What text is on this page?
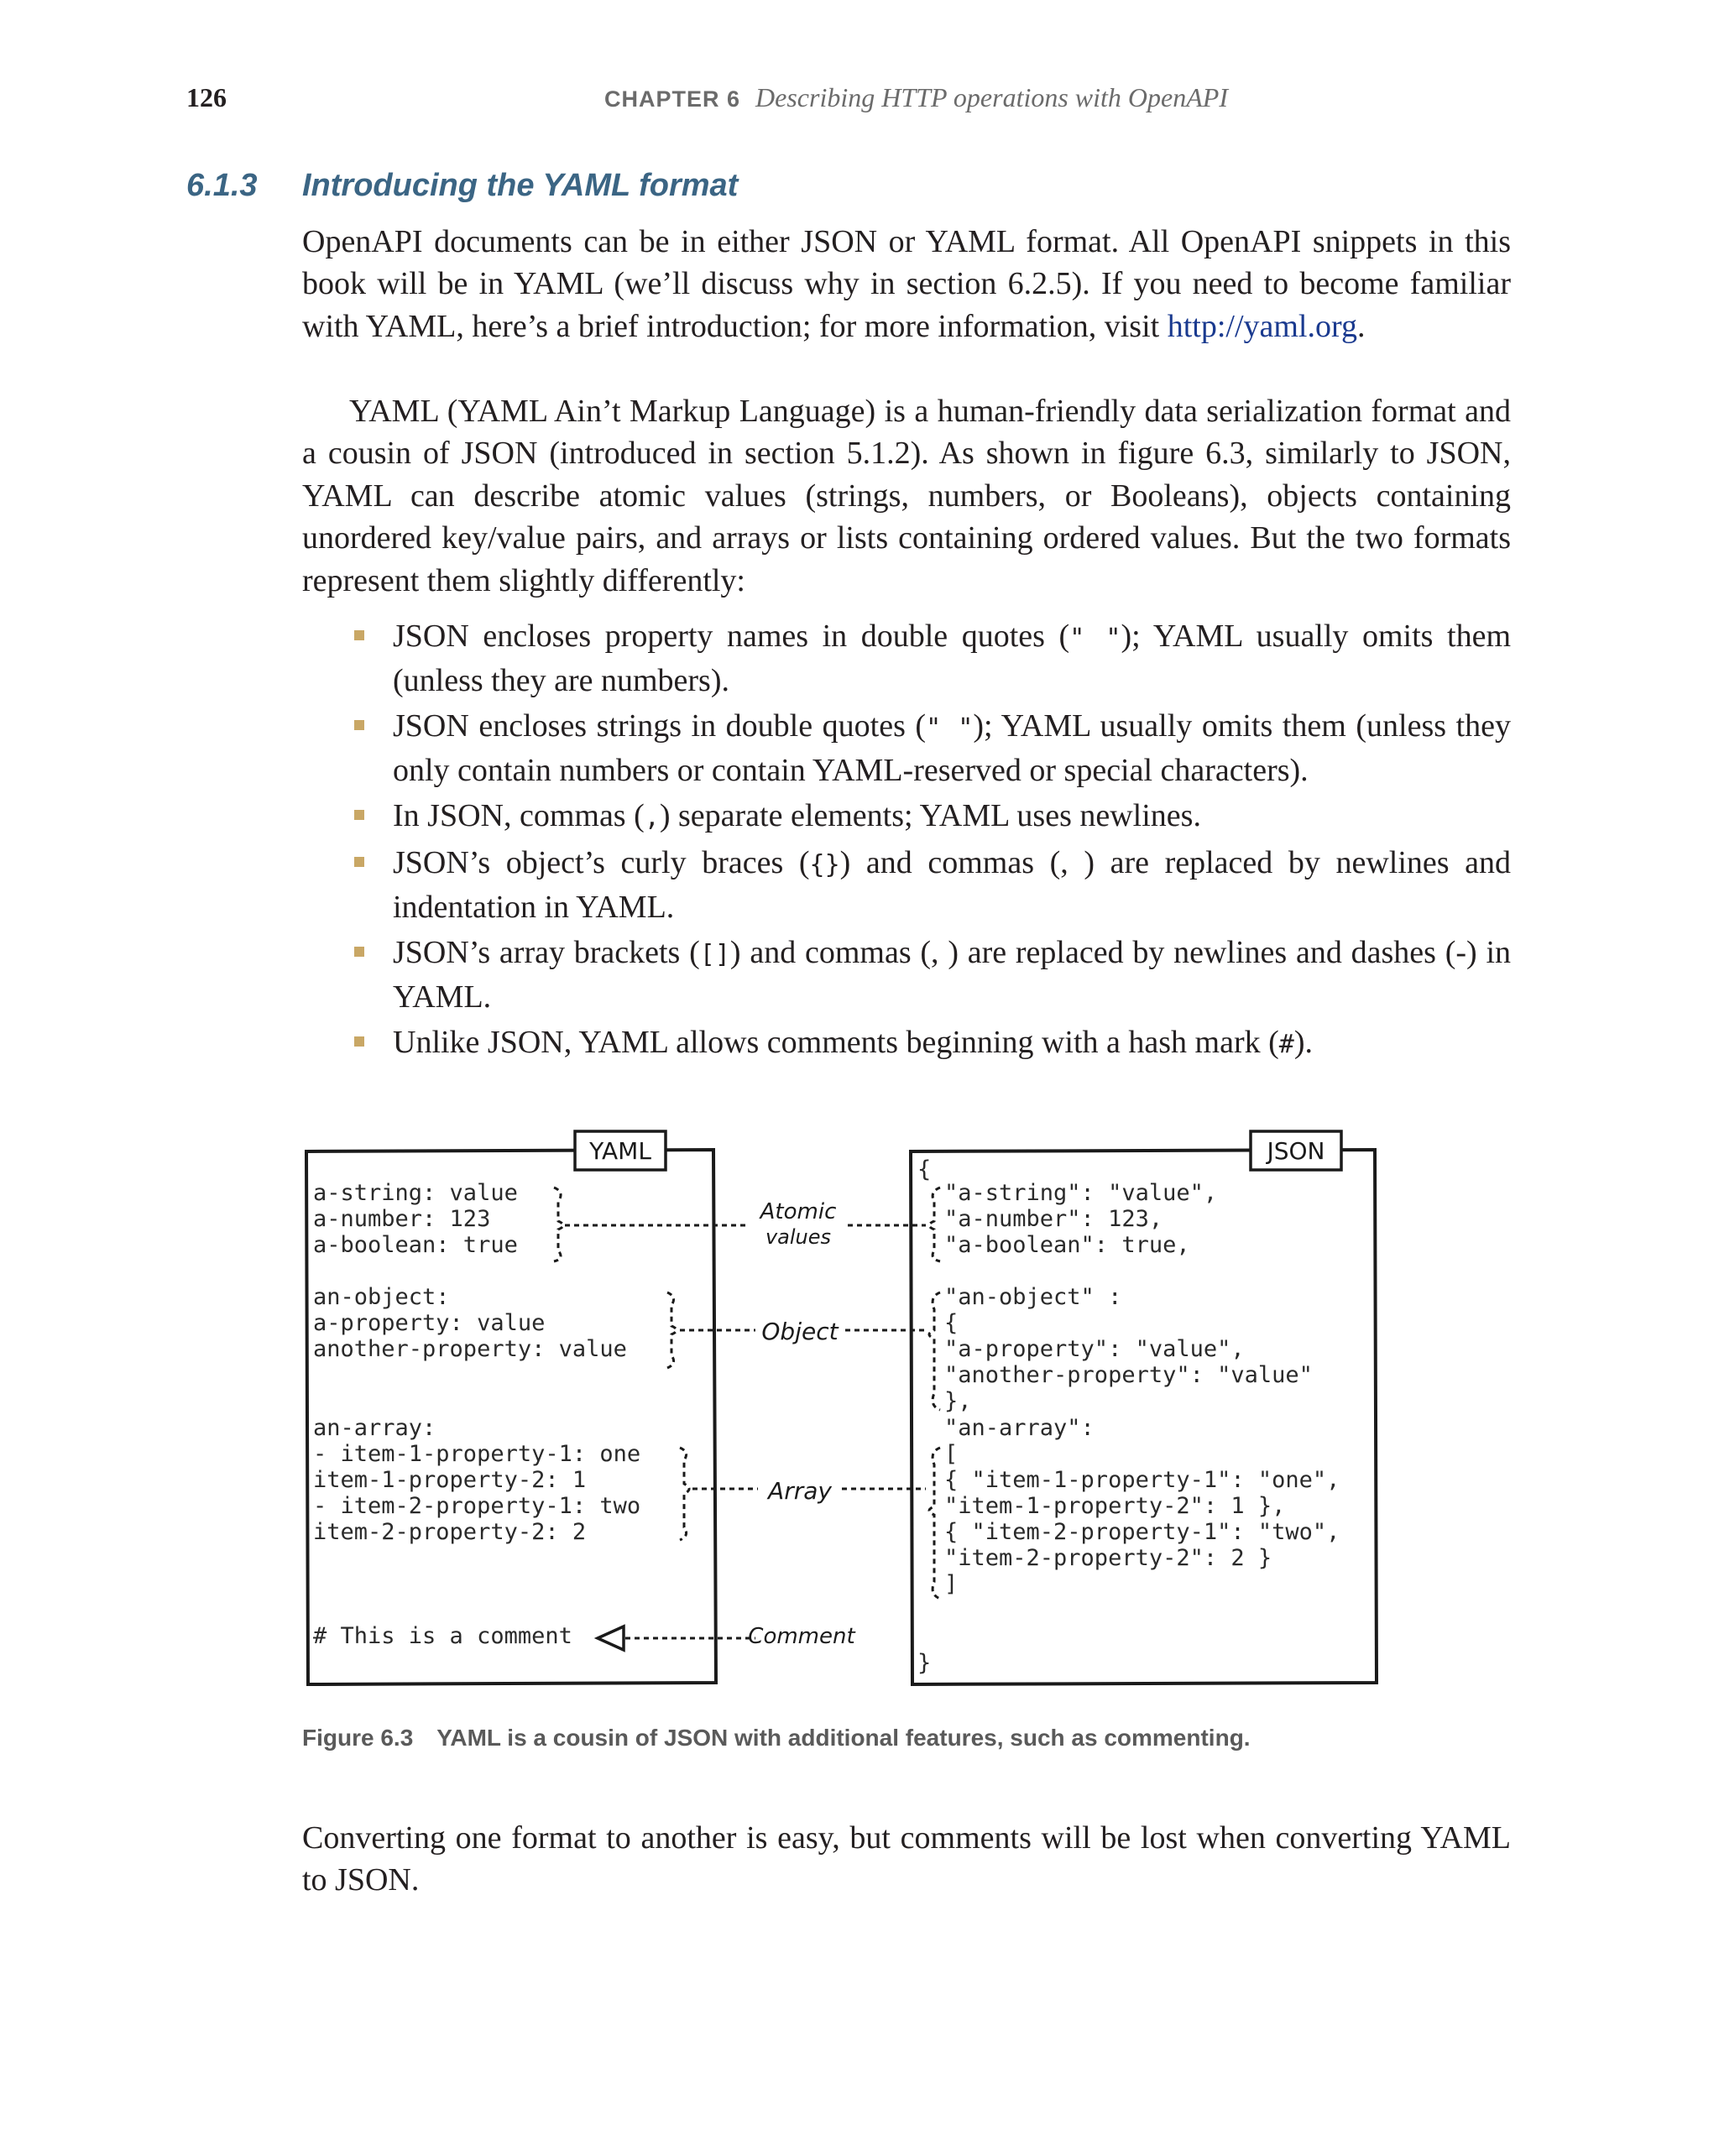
126	CHAPTER 6 Describing HTTP operations with OpenAPI
6.1.3 Introducing the YAML format
OpenAPI documents can be in either JSON or YAML format. All OpenAPI snippets in this book will be in YAML (we’ll discuss why in section 6.2.5). If you need to become familiar with YAML, here’s a brief introduction; for more information, visit http://yaml.org.
YAML (YAML Ain’t Markup Language) is a human-friendly data serialization format and a cousin of JSON (introduced in section 5.1.2). As shown in figure 6.3, similarly to JSON, YAML can describe atomic values (strings, numbers, or Booleans), objects containing unordered key/value pairs, and arrays or lists containing ordered values. But the two formats represent them slightly differently:
JSON encloses property names in double quotes (" "); YAML usually omits them (unless they are numbers).
JSON encloses strings in double quotes (" "); YAML usually omits them (unless they only contain numbers or contain YAML-reserved or special characters).
In JSON, commas (,) separate elements; YAML uses newlines.
JSON’s object’s curly braces ({}) and commas (, ) are replaced by newlines and indentation in YAML.
JSON’s array brackets ([]) and commas (, ) are replaced by newlines and dashes (-) in YAML.
Unlike JSON, YAML allows comments beginning with a hash mark (#).
YAML	JSON
a-string: value
a-number: 123
a-boolean: true
an-object:
a-property: value
another-property: value
an-array:
- item-1-property-1: one
item-1-property-2: 1
- item-2-property-1: two
item-2-property-2: 2
# This is a comment
{
"a-string": "value",
"a-number": 123,
"a-boolean": true,
"an-object" :
{
"a-property": "value",
"another-property": "value"
},
"an-array":
[
{ "item-1-property-1": "one",
"item-1-property-2": 1 },
{ "item-2-property-1": "two",
"item-2-property-2": 2 }
]
}
Atomic
values
Object
Array
Comment
Figure 6.3 YAML is a cousin of JSON with additional features, such as commenting.
Converting one format to another is easy, but comments will be lost when converting YAML to JSON.
